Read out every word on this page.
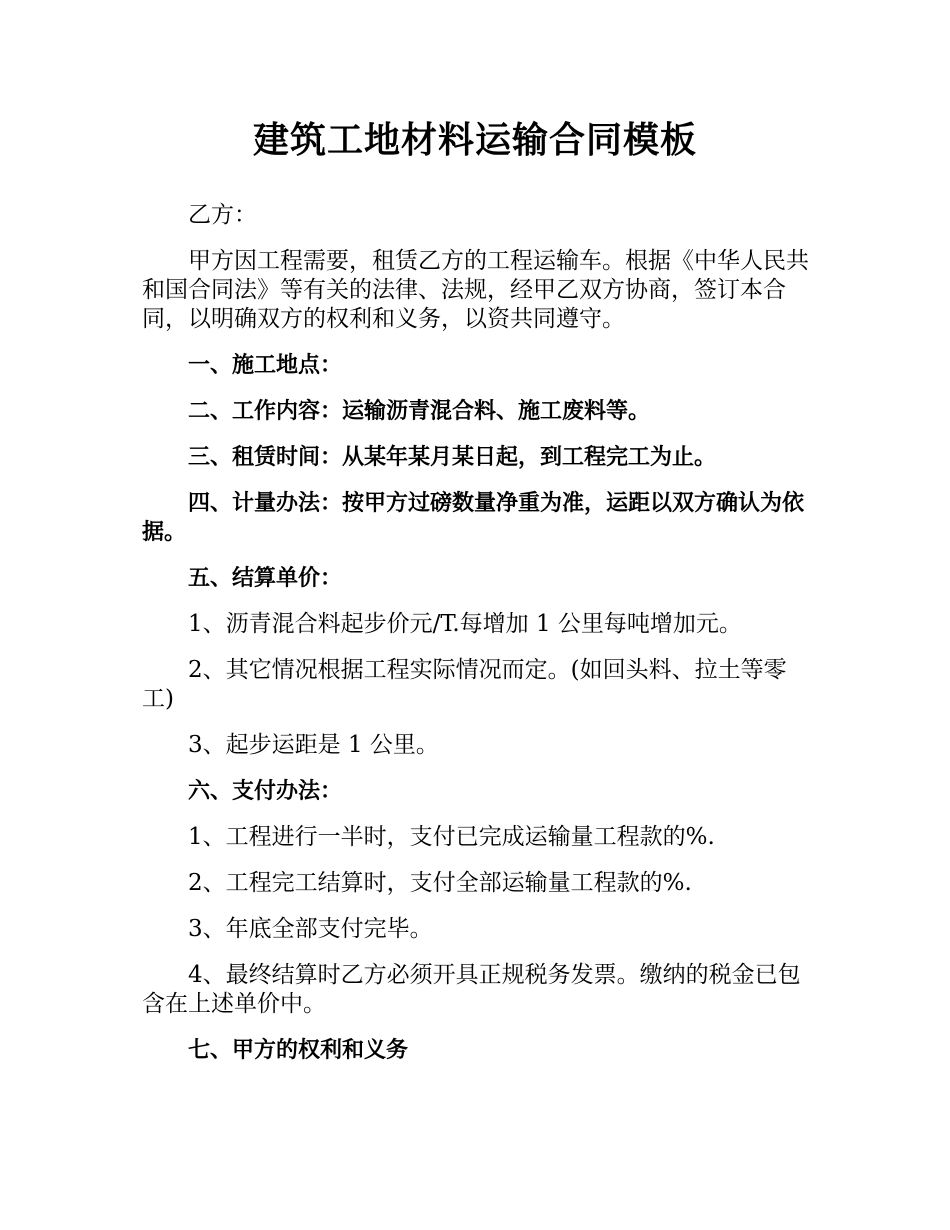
建筑工地材料运输合同模板

乙方：

甲方因工程需要，租赁乙方的工程运输车。根据《中华人民共和国合同法》等有关的法律、法规，经甲乙双方协商，签订本合同，以明确双方的权利和义务，以资共同遵守。

一、施工地点：

二、工作内容：运输沥青混合料、施工废料等。

三、租赁时间：从某年某月某日起，到工程完工为止。

四、计量办法：按甲方过磅数量净重为准，运距以双方确认为依据。

五、结算单价：

1、沥青混合料起步价元/T.每增加 1 公里每吨增加元。

2、其它情况根据工程实际情况而定。(如回头料、拉土等零工)

3、起步运距是 1 公里。

六、支付办法：

1、工程进行一半时，支付已完成运输量工程款的%.

2、工程完工结算时，支付全部运输量工程款的%.

3、年底全部支付完毕。

4、最终结算时乙方必须开具正规税务发票。缴纳的税金已包含在上述单价中。

七、甲方的权利和义务
